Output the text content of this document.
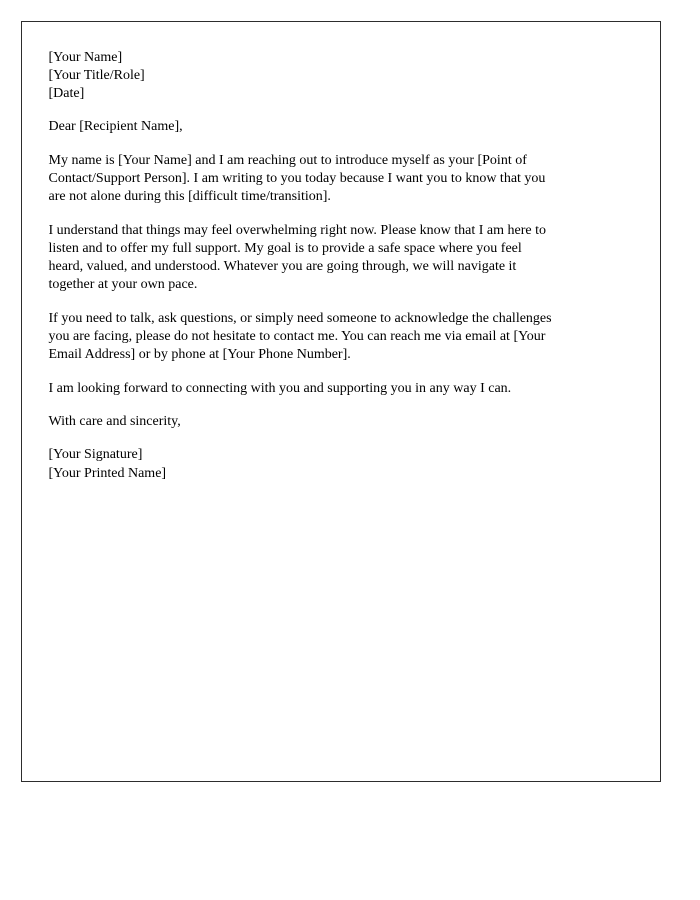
[Your Name]
[Your Title/Role]
[Date]
Dear [Recipient Name],
My name is [Your Name] and I am reaching out to introduce myself as your [Point of
Contact/Support Person]. I am writing to you today because I want you to know that you
are not alone during this [difficult time/transition].
I understand that things may feel overwhelming right now. Please know that I am here to
listen and to offer my full support. My goal is to provide a safe space where you feel
heard, valued, and understood. Whatever you are going through, we will navigate it
together at your own pace.
If you need to talk, ask questions, or simply need someone to acknowledge the challenges
you are facing, please do not hesitate to contact me. You can reach me via email at [Your
Email Address] or by phone at [Your Phone Number].
I am looking forward to connecting with you and supporting you in any way I can.
With care and sincerity,
[Your Signature]
[Your Printed Name]
